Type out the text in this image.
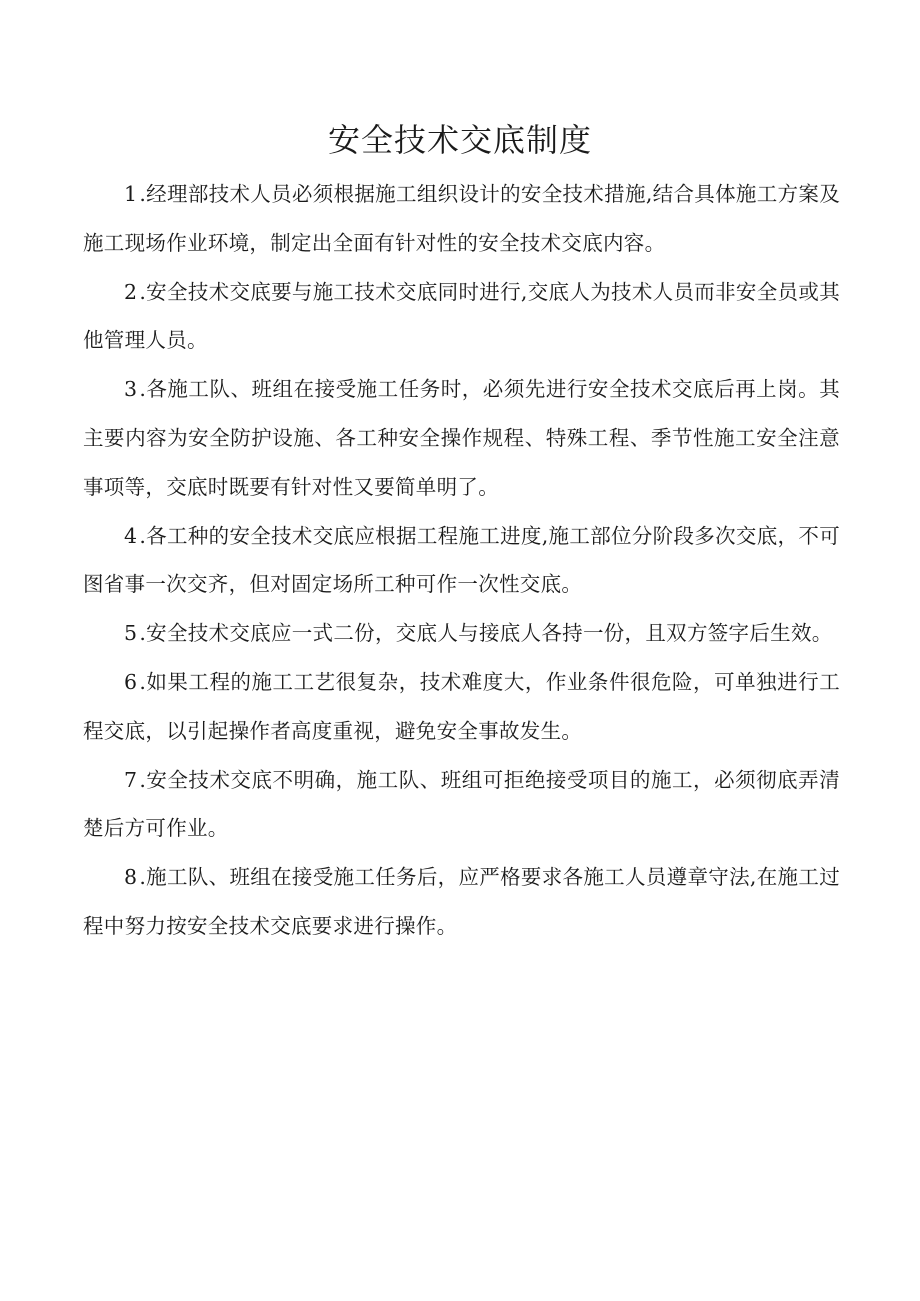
安全技术交底制度

1.经理部技术人员必须根据施工组织设计的安全技术措施,结合具体施工方案及施工现场作业环境，制定出全面有针对性的安全技术交底内容。

2.安全技术交底要与施工技术交底同时进行,交底人为技术人员而非安全员或其他管理人员。

3.各施工队、班组在接受施工任务时，必须先进行安全技术交底后再上岗。其主要内容为安全防护设施、各工种安全操作规程、特殊工程、季节性施工安全注意事项等，交底时既要有针对性又要简单明了。

4.各工种的安全技术交底应根据工程施工进度,施工部位分阶段多次交底，不可图省事一次交齐，但对固定场所工种可作一次性交底。

5.安全技术交底应一式二份，交底人与接底人各持一份，且双方签字后生效。

6.如果工程的施工工艺很复杂，技术难度大，作业条件很危险，可单独进行工程交底，以引起操作者高度重视，避免安全事故发生。

7.安全技术交底不明确，施工队、班组可拒绝接受项目的施工，必须彻底弄清楚后方可作业。

8.施工队、班组在接受施工任务后，应严格要求各施工人员遵章守法,在施工过程中努力按安全技术交底要求进行操作。
